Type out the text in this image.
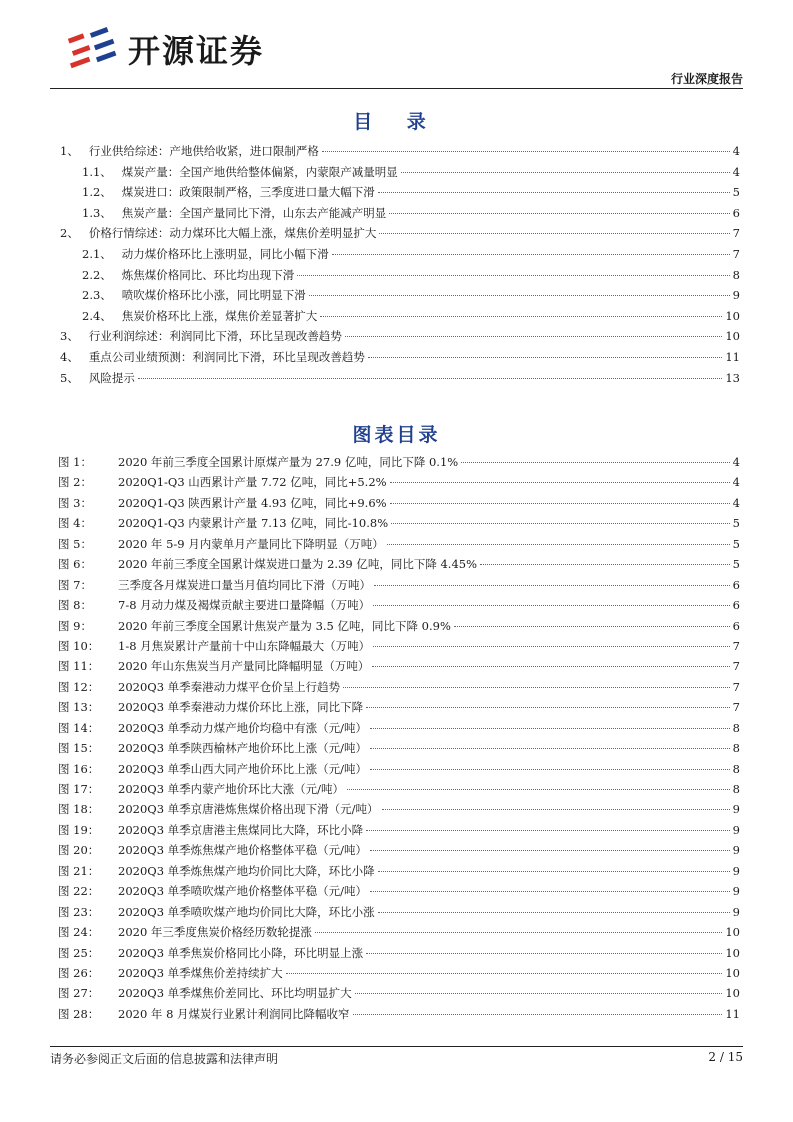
开源证券
行业深度报告
目 录
1、 行业供给综述：产地供给收紧，进口限制严格	4
1.1、 煤炭产量：全国产地供给整体偏紧，内蒙限产减量明显	4
1.2、 煤炭进口：政策限制严格，三季度进口量大幅下滑	5
1.3、 焦炭产量：全国产量同比下滑，山东去产能减产明显	6
2、 价格行情综述：动力煤环比大幅上涨，煤焦价差明显扩大	7
2.1、 动力煤价格环比上涨明显，同比小幅下滑	7
2.2、 炼焦煤价格同比、环比均出现下滑	8
2.3、 喷吹煤价格环比小涨，同比明显下滑	9
2.4、 焦炭价格环比上涨，煤焦价差显著扩大	10
3、 行业利润综述：利润同比下滑，环比呈现改善趋势	10
4、 重点公司业绩预测：利润同比下滑，环比呈现改善趋势	11
5、 风险提示	13
图表目录
图 1：	2020 年前三季度全国累计原煤产量为 27.9 亿吨，同比下降 0.1%	4
图 2：	2020Q1-Q3 山西累计产量 7.72 亿吨，同比+5.2%	4
图 3：	2020Q1-Q3 陕西累计产量 4.93 亿吨，同比+9.6%	4
图 4：	2020Q1-Q3 内蒙累计产量 7.13 亿吨，同比-10.8%	5
图 5：	2020 年 5-9 月内蒙单月产量同比下降明显（万吨）	5
图 6：	2020 年前三季度全国累计煤炭进口量为 2.39 亿吨，同比下降 4.45%	5
图 7：	三季度各月煤炭进口量当月值均同比下滑（万吨）	6
图 8：	7-8 月动力煤及褐煤贡献主要进口量降幅（万吨）	6
图 9：	2020 年前三季度全国累计焦炭产量为 3.5 亿吨，同比下降 0.9%	6
图 10：	1-8 月焦炭累计产量前十中山东降幅最大（万吨）	7
图 11：	2020 年山东焦炭当月产量同比降幅明显（万吨）	7
图 12：	2020Q3 单季秦港动力煤平仓价呈上行趋势	7
图 13：	2020Q3 单季秦港动力煤价环比上涨，同比下降	7
图 14：	2020Q3 单季动力煤产地价均稳中有涨（元/吨）	8
图 15：	2020Q3 单季陕西榆林产地价环比上涨（元/吨）	8
图 16：	2020Q3 单季山西大同产地价环比上涨（元/吨）	8
图 17：	2020Q3 单季内蒙产地价环比大涨（元/吨）	8
图 18：	2020Q3 单季京唐港炼焦煤价格出现下滑（元/吨）	9
图 19：	2020Q3 单季京唐港主焦煤同比大降，环比小降	9
图 20：	2020Q3 单季炼焦煤产地价格整体平稳（元/吨）	9
图 21：	2020Q3 单季炼焦煤产地均价同比大降，环比小降	9
图 22：	2020Q3 单季喷吹煤产地价格整体平稳（元/吨）	9
图 23：	2020Q3 单季喷吹煤产地均价同比大降，环比小涨	9
图 24：	2020 年三季度焦炭价格经历数轮提涨	10
图 25：	2020Q3 单季焦炭价格同比小降，环比明显上涨	10
图 26：	2020Q3 单季煤焦价差持续扩大	10
图 27：	2020Q3 单季煤焦价差同比、环比均明显扩大	10
图 28：	2020 年 8 月煤炭行业累计利润同比降幅收窄	11
请务必参阅正文后面的信息披露和法律声明	2 / 15
